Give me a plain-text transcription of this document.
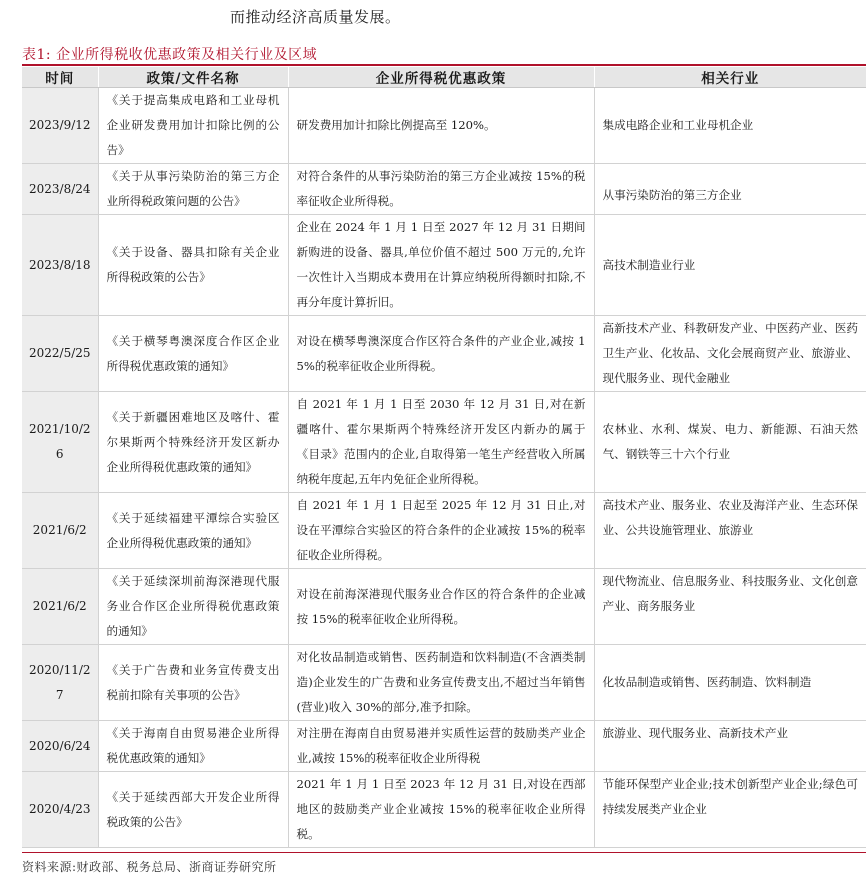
而推动经济高质量发展。
表1: 企业所得税收优惠政策及相关行业及区域
时间	政策/文件名称	企业所得税优惠政策	相关行业
2023/9/12	《关于提高集成电路和工业母机企业研发费用加计扣除比例的公告》	研发费用加计扣除比例提高至 120%。	集成电路企业和工业母机企业
2023/8/24	《关于从事污染防治的第三方企业所得税政策问题的公告》	对符合条件的从事污染防治的第三方企业减按 15%的税率征收企业所得税。	从事污染防治的第三方企业
2023/8/18	《关于设备、器具扣除有关企业所得税政策的公告》	企业在 2024 年 1 月 1 日至 2027 年 12 月 31 日期间新购进的设备、器具,单位价值不超过 500 万元的,允许一次性计入当期成本费用在计算应纳税所得额时扣除,不再分年度计算折旧。	高技术制造业行业
2022/5/25	《关于横琴粤澳深度合作区企业所得税优惠政策的通知》	对设在横琴粤澳深度合作区符合条件的产业企业,减按 15%的税率征收企业所得税。	高新技术产业、科教研发产业、中医药产业、医药卫生产业、化妆品、文化会展商贸产业、旅游业、现代服务业、现代金融业
2021/10/26	《关于新疆困难地区及喀什、霍尔果斯两个特殊经济开发区新办企业所得税优惠政策的通知》	自 2021 年 1 月 1 日至 2030 年 12 月 31 日,对在新疆喀什、霍尔果斯两个特殊经济开发区内新办的属于《目录》范围内的企业,自取得第一笔生产经营收入所属纳税年度起,五年内免征企业所得税。	农林业、水利、煤炭、电力、新能源、石油天然气、钢铁等三十六个行业
2021/6/2	《关于延续福建平潭综合实验区企业所得税优惠政策的通知》	自 2021 年 1 月 1 日起至 2025 年 12 月 31 日止,对设在平潭综合实验区的符合条件的企业减按 15%的税率征收企业所得税。	高技术产业、服务业、农业及海洋产业、生态环保业、公共设施管理业、旅游业
2021/6/2	《关于延续深圳前海深港现代服务业合作区企业所得税优惠政策的通知》	对设在前海深港现代服务业合作区的符合条件的企业减按 15%的税率征收企业所得税。	现代物流业、信息服务业、科技服务业、文化创意产业、商务服务业
2020/11/27	《关于广告费和业务宣传费支出税前扣除有关事项的公告》	对化妆品制造或销售、医药制造和饮料制造(不含酒类制造)企业发生的广告费和业务宣传费支出,不超过当年销售(营业)收入 30%的部分,准予扣除。	化妆品制造或销售、医药制造、饮料制造
2020/6/24	《关于海南自由贸易港企业所得税优惠政策的通知》	对注册在海南自由贸易港并实质性运营的鼓励类产业企业,减按 15%的税率征收企业所得税	旅游业、现代服务业、高新技术产业
2020/4/23	《关于延续西部大开发企业所得税政策的公告》	2021 年 1 月 1 日至 2023 年 12 月 31 日,对设在西部地区的鼓励类产业企业减按 15%的税率征收企业所得税。	节能环保型产业企业;技术创新型产业企业;绿色可持续发展类产业企业
资料来源:财政部、税务总局、浙商证券研究所
